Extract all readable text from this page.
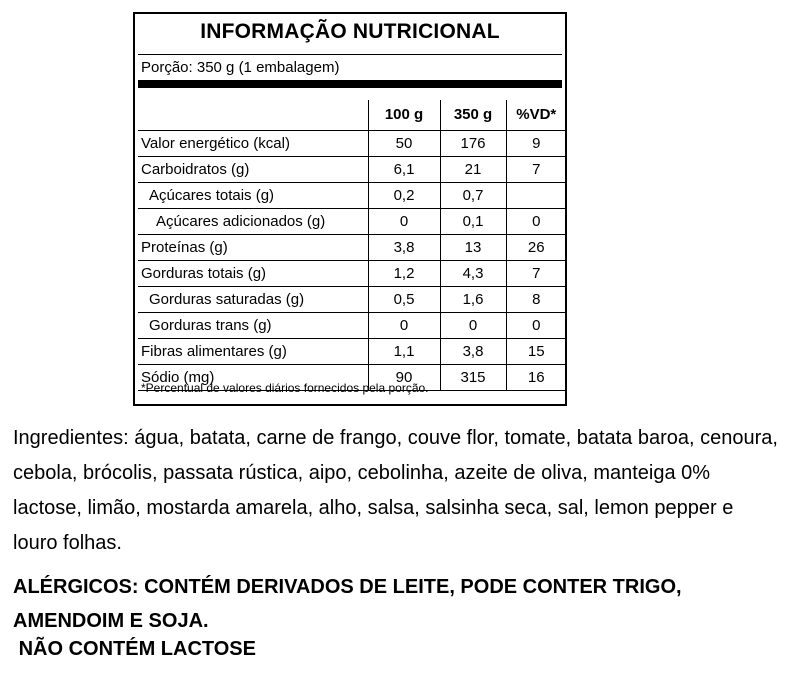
INFORMAÇÃO NUTRICIONAL
Porção: 350 g (1 embalagem)
	100 g	350 g	%VD*
Valor energético (kcal)	50	176	9
Carboidratos (g)	6,1	21	7
Açúcares totais (g)	0,2	0,7	
Açúcares adicionados (g)	0	0,1	0
Proteínas (g)	3,8	13	26
Gorduras totais (g)	1,2	4,3	7
Gorduras saturadas (g)	0,5	1,6	8
Gorduras trans (g)	0	0	0
Fibras alimentares (g)	1,1	3,8	15
Sódio (mg)	90	315	16
*Percentual de valores diários fornecidos pela porção.
Ingredientes: água, batata, carne de frango, couve flor, tomate, batata baroa, cenoura, cebola, brócolis, passata rústica, aipo, cebolinha, azeite de oliva, manteiga 0% lactose, limão, mostarda amarela, alho, salsa, salsinha seca, sal, lemon pepper e louro folhas.
ALÉRGICOS: CONTÉM DERIVADOS DE LEITE, PODE CONTER TRIGO, AMENDOIM E SOJA.
NÃO CONTÉM LACTOSE
